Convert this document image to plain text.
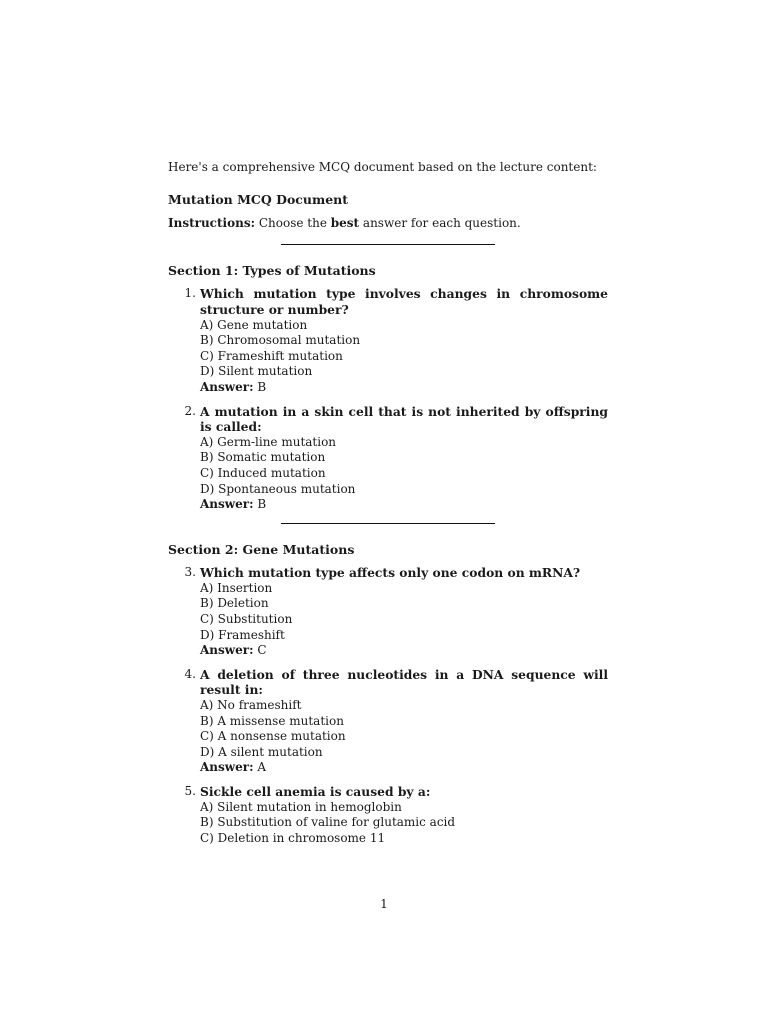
Here's a comprehensive MCQ document based on the lecture content:

Mutation MCQ Document

Instructions: Choose the best answer for each question.

Section 1: Types of Mutations
1. Which mutation type involves changes in chromosome structure or number?
A) Gene mutation
B) Chromosomal mutation
C) Frameshift mutation
D) Silent mutation
Answer: B
2. A mutation in a skin cell that is not inherited by offspring is called:
A) Germ-line mutation
B) Somatic mutation
C) Induced mutation
D) Spontaneous mutation
Answer: B
Section 2: Gene Mutations
3. Which mutation type affects only one codon on mRNA?
A) Insertion
B) Deletion
C) Substitution
D) Frameshift
Answer: C
4. A deletion of three nucleotides in a DNA sequence will result in:
A) No frameshift
B) A missense mutation
C) A nonsense mutation
D) A silent mutation
Answer: A
5. Sickle cell anemia is caused by a:
A) Silent mutation in hemoglobin
B) Substitution of valine for glutamic acid
C) Deletion in chromosome 11
1
